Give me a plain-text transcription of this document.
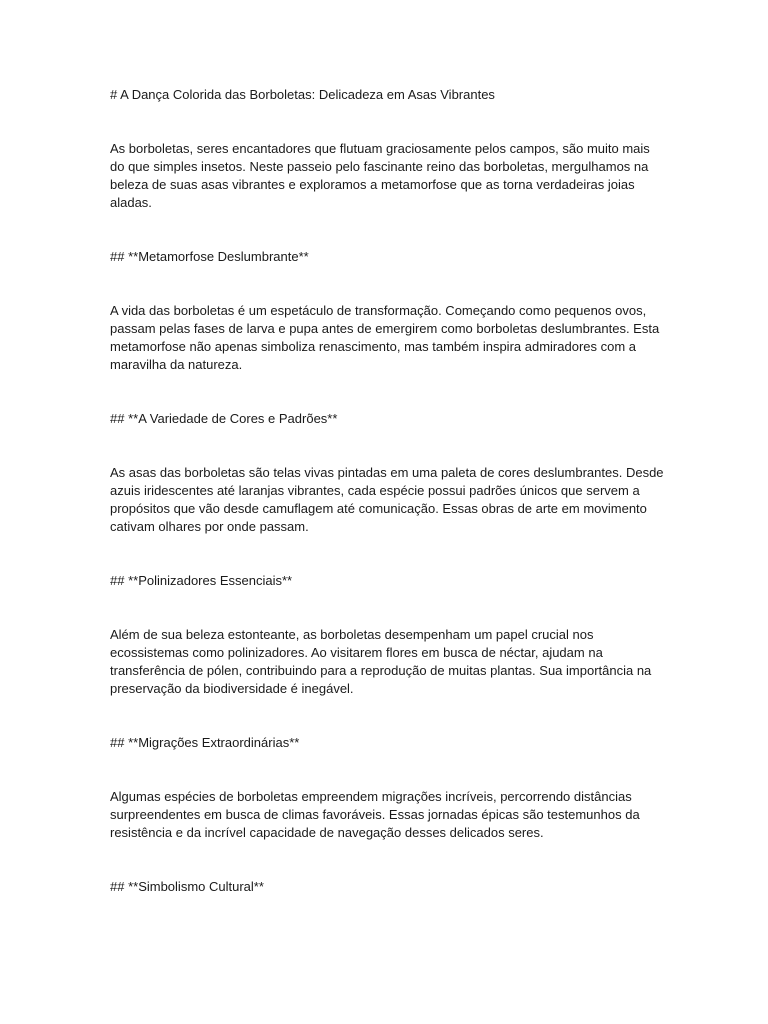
# A Dança Colorida das Borboletas: Delicadeza em Asas Vibrantes

As borboletas, seres encantadores que flutuam graciosamente pelos campos, são muito mais

do que simples insetos. Neste passeio pelo fascinante reino das borboletas, mergulhamos na

beleza de suas asas vibrantes e exploramos a metamorfose que as torna verdadeiras joias

aladas.

## **Metamorfose Deslumbrante**

A vida das borboletas é um espetáculo de transformação. Começando como pequenos ovos,

passam pelas fases de larva e pupa antes de emergirem como borboletas deslumbrantes. Esta

metamorfose não apenas simboliza renascimento, mas também inspira admiradores com a

maravilha da natureza.

## **A Variedade de Cores e Padrões**

As asas das borboletas são telas vivas pintadas em uma paleta de cores deslumbrantes. Desde

azuis iridescentes até laranjas vibrantes, cada espécie possui padrões únicos que servem a

propósitos que vão desde camuflagem até comunicação. Essas obras de arte em movimento

cativam olhares por onde passam.

## **Polinizadores Essenciais**

Além de sua beleza estonteante, as borboletas desempenham um papel crucial nos

ecossistemas como polinizadores. Ao visitarem flores em busca de néctar, ajudam na

transferência de pólen, contribuindo para a reprodução de muitas plantas. Sua importância na

preservação da biodiversidade é inegável.

## **Migrações Extraordinárias**

Algumas espécies de borboletas empreendem migrações incríveis, percorrendo distâncias

surpreendentes em busca de climas favoráveis. Essas jornadas épicas são testemunhos da

resistência e da incrível capacidade de navegação desses delicados seres.

## **Simbolismo Cultural**
